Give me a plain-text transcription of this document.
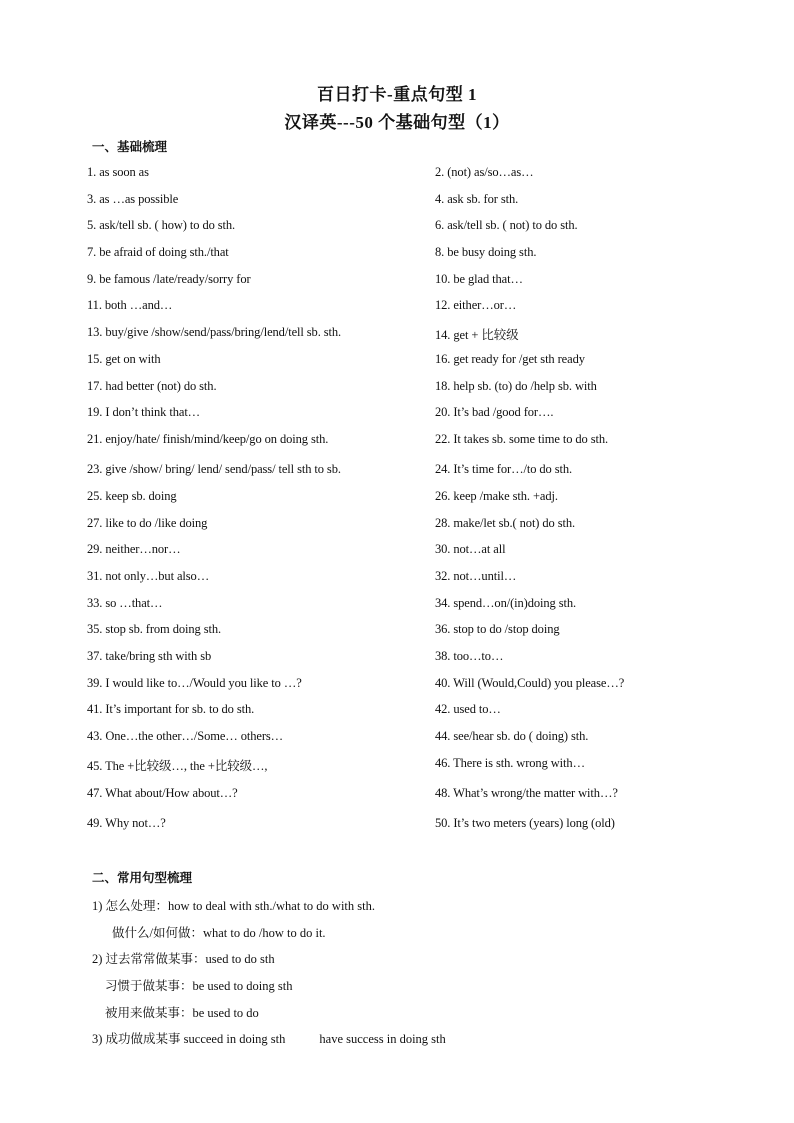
百日打卡-重点句型 1
汉译英---50 个基础句型（1）
一、基础梳理
1. as soon as	2. (not) as/so…as…
3. as …as possible	4. ask sb. for sth.
5. ask/tell sb. ( how) to do sth.	6. ask/tell sb. ( not) to do sth.
7. be afraid of doing sth./that	8. be busy doing sth.
9. be famous /late/ready/sorry for	10. be glad that…
11. both …and…	12. either…or…
13. buy/give /show/send/pass/bring/lend/tell sb. sth.	14. get + 比较级
15. get on with	16. get ready for /get sth ready
17. had better (not) do sth.	18. help sb. (to) do /help sb. with
19. I don’t think that…	20. It’s bad /good for….
21. enjoy/hate/ finish/mind/keep/go on doing sth.	22. It takes sb. some time to do sth.
23. give /show/ bring/ lend/ send/pass/ tell sth to sb.	24. It’s time for…/to do sth.
25. keep sb. doing	26. keep /make sth. +adj.
27. like to do /like doing	28. make/let sb.( not) do sth.
29. neither…nor…	30. not…at all
31. not only…but also…	32. not…until…
33. so …that…	34. spend…on/(in)doing sth.
35. stop sb. from doing sth.	36. stop to do /stop doing
37. take/bring sth with sb	38. too…to…
39. I would like to…/Would you like to …?	40. Will (Would,Could) you please…?
41. It’s important for sb. to do sth.	42. used to…
43. One…the other…/Some… others…	44. see/hear sb. do ( doing) sth.
45. The +比较级…, the +比较级…,	46. There is sth. wrong with…
47. What about/How about…?	48. What’s wrong/the matter with…?
49. Why not…?	50. It’s two meters (years) long (old)
二、常用句型梳理
1) 怎么处理：how to deal with sth./what to do with sth.
做什么/如何做：what to do /how to do it.
2) 过去常常做某事：used to do sth
习惯于做某事：be used to doing sth
被用来做某事：be used to do
3) 成功做成某事 succeed in doing sth	have success in doing sth
